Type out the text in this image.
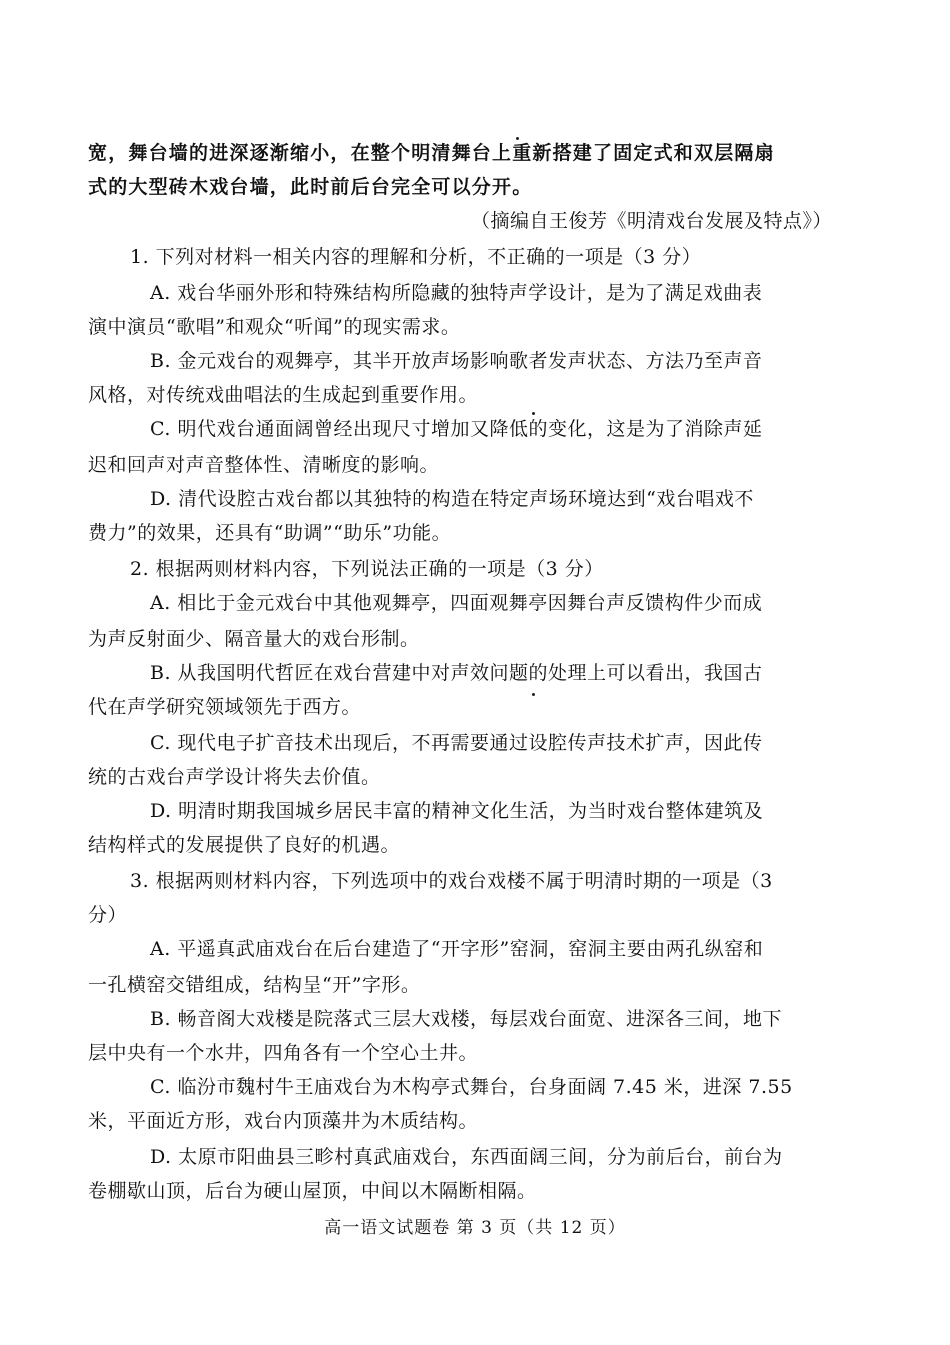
宽，舞台墙的进深逐渐缩小，在整个明清舞台上重新搭建了固定式和双层隔扇
式的大型砖木戏台墙，此时前后台完全可以分开。
（摘编自王俊芳《明清戏台发展及特点》）
1. 下列对材料一相关内容的理解和分析，不正确的一项是（3 分）
A. 戏台华丽外形和特殊结构所隐藏的独特声学设计，是为了满足戏曲表
演中演员“歌唱”和观众“听闻”的现实需求。
B. 金元戏台的观舞亭，其半开放声场影响歌者发声状态、方法乃至声音
风格，对传统戏曲唱法的生成起到重要作用。
C. 明代戏台通面阔曾经出现尺寸增加又降低的变化，这是为了消除声延
迟和回声对声音整体性、清晰度的影响。
D. 清代设腔古戏台都以其独特的构造在特定声场环境达到“戏台唱戏不
费力”的效果，还具有“助调”“助乐”功能。
2. 根据两则材料内容，下列说法正确的一项是（3 分）
A. 相比于金元戏台中其他观舞亭，四面观舞亭因舞台声反馈构件少而成
为声反射面少、隔音量大的戏台形制。
B. 从我国明代哲匠在戏台营建中对声效问题的处理上可以看出，我国古
代在声学研究领域领先于西方。
C. 现代电子扩音技术出现后，不再需要通过设腔传声技术扩声，因此传
统的古戏台声学设计将失去价值。
D. 明清时期我国城乡居民丰富的精神文化生活，为当时戏台整体建筑及
结构样式的发展提供了良好的机遇。
3. 根据两则材料内容，下列选项中的戏台戏楼不属于明清时期的一项是（3
分）
A. 平遥真武庙戏台在后台建造了“开字形”窑洞，窑洞主要由两孔纵窑和
一孔横窑交错组成，结构呈“开”字形。
B. 畅音阁大戏楼是院落式三层大戏楼，每层戏台面宽、进深各三间，地下
层中央有一个水井，四角各有一个空心土井。
C. 临汾市魏村牛王庙戏台为木构亭式舞台，台身面阔 7.45 米，进深 7.55
米，平面近方形，戏台内顶藻井为木质结构。
D. 太原市阳曲县三畛村真武庙戏台，东西面阔三间，分为前后台，前台为
卷棚歇山顶，后台为硬山屋顶，中间以木隔断相隔。
高一语文试题卷 第 3 页（共 12 页）
